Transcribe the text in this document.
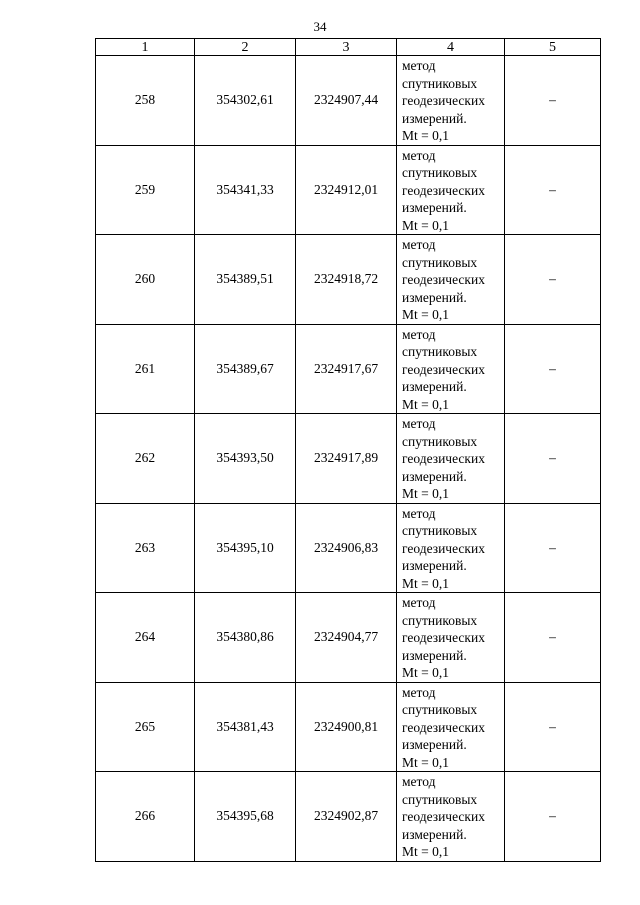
34
1	2	3	4	5
258	354302,61	2324907,44	метод
спутниковых
геодезических
измерений.
Mt = 0,1	–
259	354341,33	2324912,01	метод
спутниковых
геодезических
измерений.
Mt = 0,1	–
260	354389,51	2324918,72	метод
спутниковых
геодезических
измерений.
Mt = 0,1	–
261	354389,67	2324917,67	метод
спутниковых
геодезических
измерений.
Mt = 0,1	–
262	354393,50	2324917,89	метод
спутниковых
геодезических
измерений.
Mt = 0,1	–
263	354395,10	2324906,83	метод
спутниковых
геодезических
измерений.
Mt = 0,1	–
264	354380,86	2324904,77	метод
спутниковых
геодезических
измерений.
Mt = 0,1	–
265	354381,43	2324900,81	метод
спутниковых
геодезических
измерений.
Mt = 0,1	–
266	354395,68	2324902,87	метод
спутниковых
геодезических
измерений.
Mt = 0,1	–
